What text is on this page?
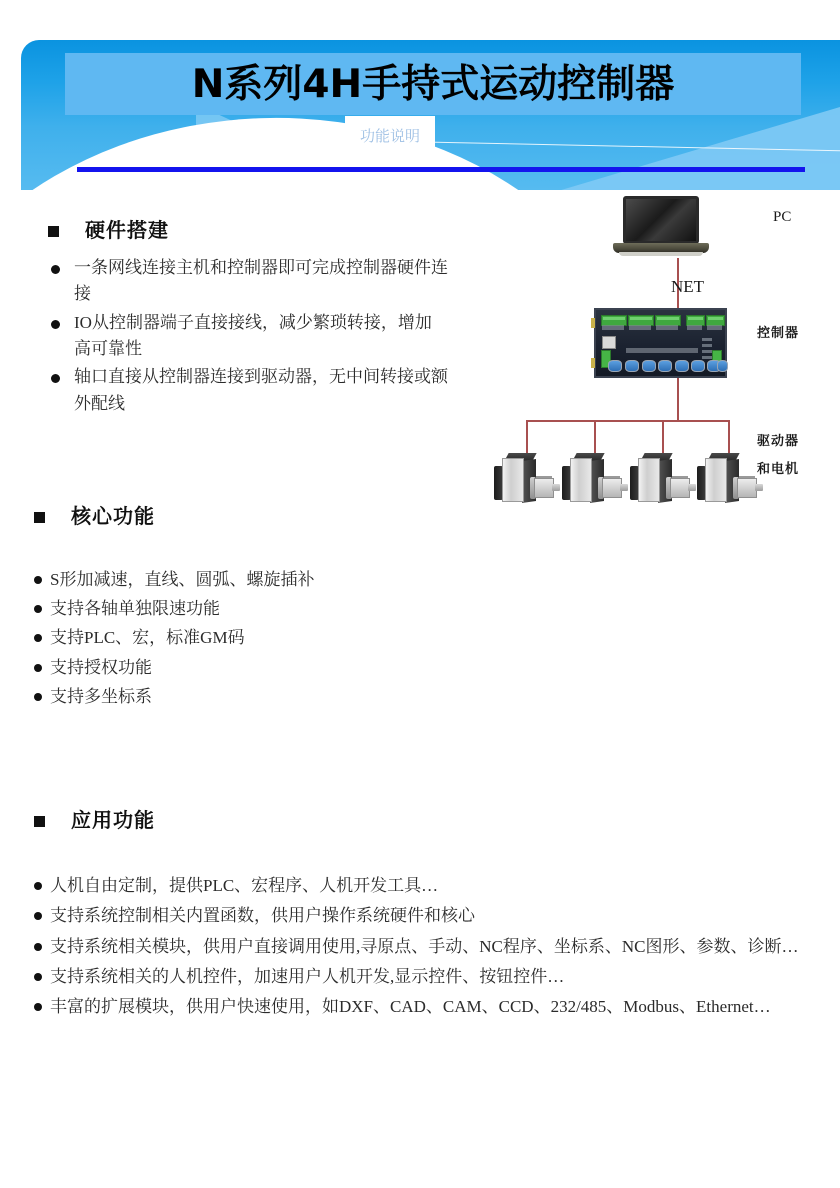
N系列4H手持式运动控制器
功能说明
PC
NET
控制器
驱动器
和电机
硬件搭建
一条网线连接主机和控制器即可完成控制器硬件连接
IO从控制器端子直接接线，减少繁琐转接，增加高可靠性
轴口直接从控制器连接到驱动器，无中间转接或额外配线
核心功能
S形加减速，直线、圆弧、螺旋插补
支持各轴单独限速功能
支持PLC、宏，标准GM码
支持授权功能
支持多坐标系
应用功能
人机自由定制，提供PLC、宏程序、人机开发工具…
支持系统控制相关内置函数，供用户操作系统硬件和核心
支持系统相关模块，供用户直接调用使用,寻原点、手动、NC程序、坐标系、NC图形、参数、诊断…
支持系统相关的人机控件，加速用户人机开发,显示控件、按钮控件…
丰富的扩展模块，供用户快速使用，如DXF、CAD、CAM、CCD、232/485、Modbus、Ethernet…
